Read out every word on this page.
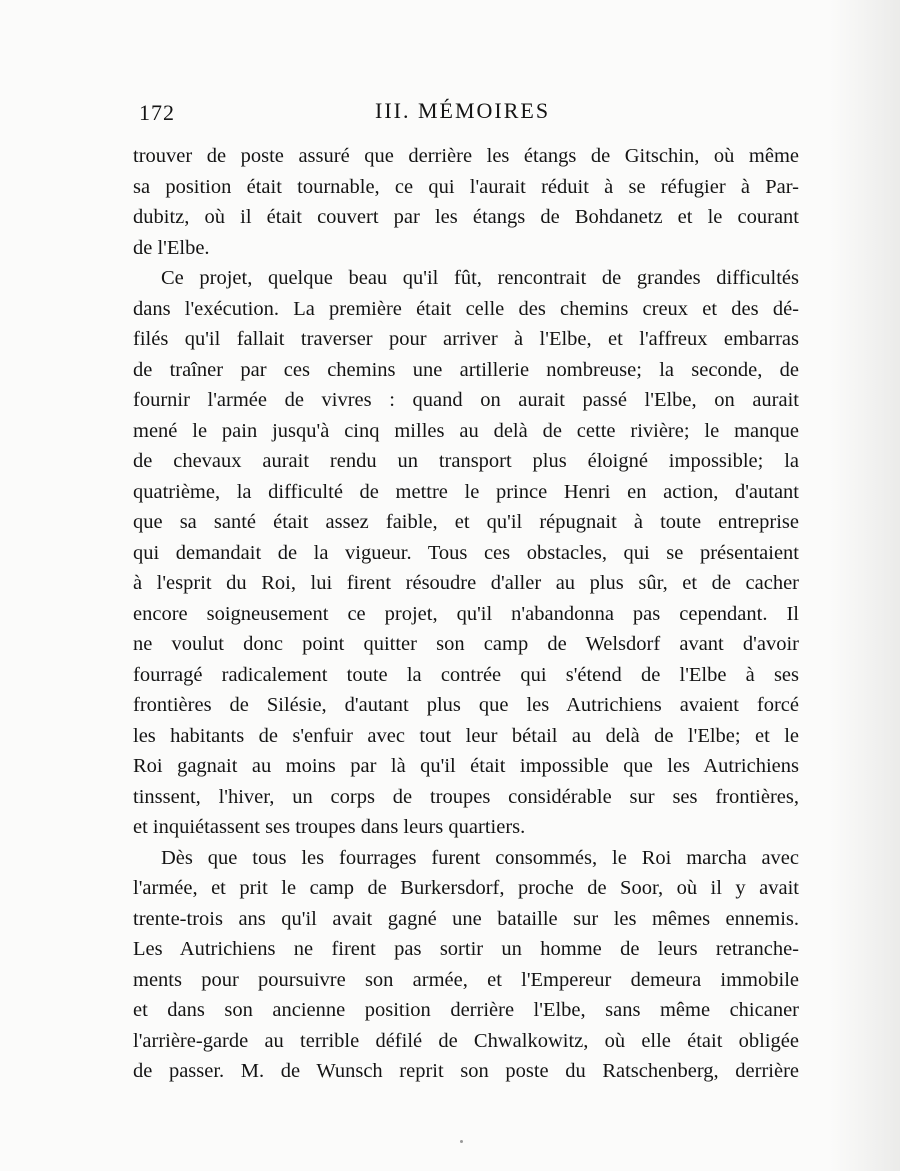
172	III. MÉMOIRES
trouver de poste assuré que derrière les étangs de Gitschin, où même
sa position était tournable, ce qui l'aurait réduit à se réfugier à Par-
dubitz, où il était couvert par les étangs de Bohdanetz et le courant
de l'Elbe.
Ce projet, quelque beau qu'il fût, rencontrait de grandes difficultés
dans l'exécution. La première était celle des chemins creux et des dé-
filés qu'il fallait traverser pour arriver à l'Elbe, et l'affreux embarras
de traîner par ces chemins une artillerie nombreuse; la seconde, de
fournir l'armée de vivres : quand on aurait passé l'Elbe, on aurait
mené le pain jusqu'à cinq milles au delà de cette rivière; le manque
de chevaux aurait rendu un transport plus éloigné impossible; la
quatrième, la difficulté de mettre le prince Henri en action, d'autant
que sa santé était assez faible, et qu'il répugnait à toute entreprise
qui demandait de la vigueur. Tous ces obstacles, qui se présentaient
à l'esprit du Roi, lui firent résoudre d'aller au plus sûr, et de cacher
encore soigneusement ce projet, qu'il n'abandonna pas cependant. Il
ne voulut donc point quitter son camp de Welsdorf avant d'avoir
fourragé radicalement toute la contrée qui s'étend de l'Elbe à ses
frontières de Silésie, d'autant plus que les Autrichiens avaient forcé
les habitants de s'enfuir avec tout leur bétail au delà de l'Elbe; et le
Roi gagnait au moins par là qu'il était impossible que les Autrichiens
tinssent, l'hiver, un corps de troupes considérable sur ses frontières,
et inquiétassent ses troupes dans leurs quartiers.
Dès que tous les fourrages furent consommés, le Roi marcha avec
l'armée, et prit le camp de Burkersdorf, proche de Soor, où il y avait
trente-trois ans qu'il avait gagné une bataille sur les mêmes ennemis.
Les Autrichiens ne firent pas sortir un homme de leurs retranche-
ments pour poursuivre son armée, et l'Empereur demeura immobile
et dans son ancienne position derrière l'Elbe, sans même chicaner
l'arrière-garde au terrible défilé de Chwalkowitz, où elle était obligée
de passer. M. de Wunsch reprit son poste du Ratschenberg, derrière
